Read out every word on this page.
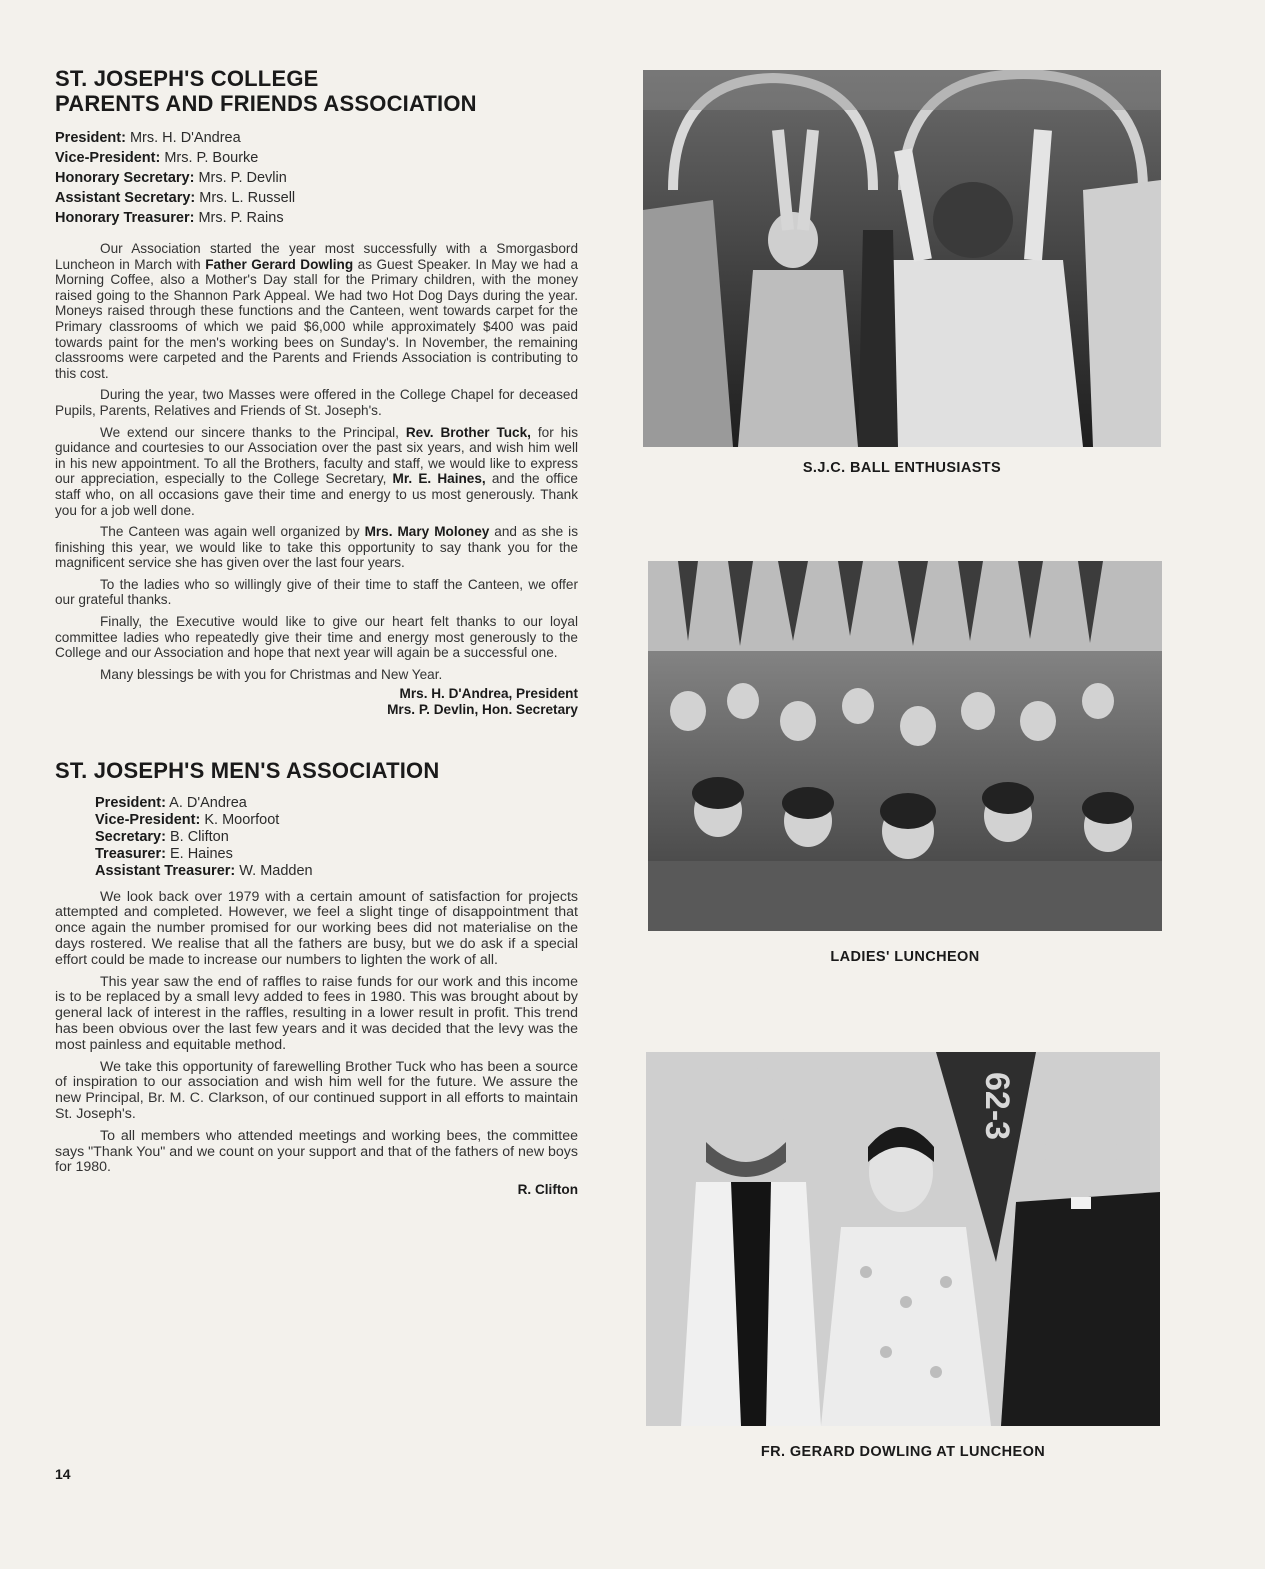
ST. JOSEPH'S COLLEGE
PARENTS AND FRIENDS ASSOCIATION
President: Mrs. H. D'Andrea
Vice-President: Mrs. P. Bourke
Honorary Secretary: Mrs. P. Devlin
Assistant Secretary: Mrs. L. Russell
Honorary Treasurer: Mrs. P. Rains

Our Association started the year most successfully with a Smorgasbord Luncheon in March with Father Gerard Dowling as Guest Speaker. In May we had a Morning Coffee, also a Mother's Day stall for the Primary children, with the money raised going to the Shannon Park Appeal. We had two Hot Dog Days during the year. Moneys raised through these functions and the Canteen, went towards carpet for the Primary classrooms of which we paid $6,000 while approximately $400 was paid towards paint for the men's working bees on Sunday's. In November, the remaining classrooms were carpeted and the Parents and Friends Association is contributing to this cost.

During the year, two Masses were offered in the College Chapel for deceased Pupils, Parents, Relatives and Friends of St. Joseph's.

We extend our sincere thanks to the Principal, Rev. Brother Tuck, for his guidance and courtesies to our Association over the past six years, and wish him well in his new appointment. To all the Brothers, faculty and staff, we would like to express our appreciation, especially to the College Secretary, Mr. E. Haines, and the office staff who, on all occasions gave their time and energy to us most generously. Thank you for a job well done.

The Canteen was again well organized by Mrs. Mary Moloney and as she is finishing this year, we would like to take this opportunity to say thank you for the magnificent service she has given over the last four years.

To the ladies who so willingly give of their time to staff the Canteen, we offer our grateful thanks.

Finally, the Executive would like to give our heart felt thanks to our loyal committee ladies who repeatedly give their time and energy most generously to the College and our Association and hope that next year will again be a successful one.

Many blessings be with you for Christmas and New Year.

Mrs. H. D'Andrea, President
Mrs. P. Devlin, Hon. Secretary
ST. JOSEPH'S MEN'S ASSOCIATION
President: A. D'Andrea
Vice-President: K. Moorfoot
Secretary: B. Clifton
Treasurer: E. Haines
Assistant Treasurer: W. Madden

We look back over 1979 with a certain amount of satisfaction for projects attempted and completed. However, we feel a slight tinge of disappointment that once again the number promised for our working bees did not materialise on the days rostered. We realise that all the fathers are busy, but we do ask if a special effort could be made to increase our numbers to lighten the work of all.

This year saw the end of raffles to raise funds for our work and this income is to be replaced by a small levy added to fees in 1980. This was brought about by general lack of interest in the raffles, resulting in a lower result in profit. This trend has been obvious over the last few years and it was decided that the levy was the most painless and equitable method.

We take this opportunity of farewelling Brother Tuck who has been a source of inspiration to our association and wish him well for the future. We assure the new Principal, Br. M. C. Clarkson, of our continued support in all efforts to maintain St. Joseph's.

To all members who attended meetings and working bees, the committee says "Thank You" and we count on your support and that of the fathers of new boys for 1980.

R. Clifton
14
S.J.C. BALL ENTHUSIASTS
LADIES' LUNCHEON
62-3
FR. GERARD DOWLING AT LUNCHEON
